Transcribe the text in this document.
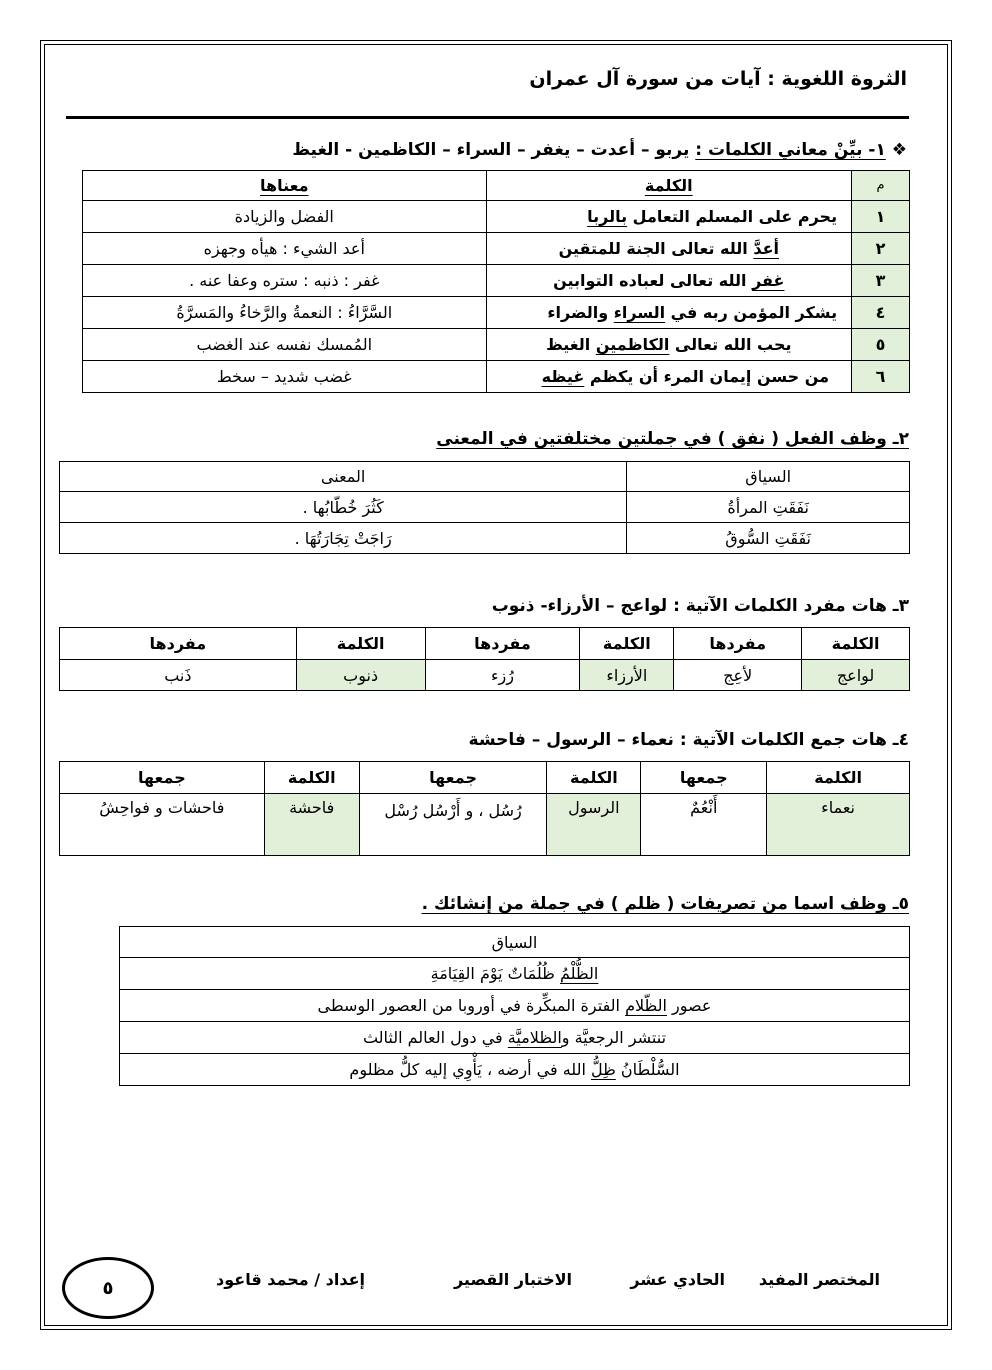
الثروة اللغوية : آيات من سورة آل عمران
❖ ١- بيِّنْ معاني الكلمات : يربو – أعدت – يغفر – السراء – الكاظمين - الغيظ
م	الكلمة	معناها
١	يحرم على المسلم التعامل بالربا	الفضل والزيادة
٢	أعدَّ الله تعالى الجنة للمتقين	أعد الشيء : هيأه وجهزه
٣	غفر الله تعالى لعباده التوابين	غفر : ذنبه : ستره وعفا عنه .
٤	يشكر المؤمن ربه في السراء والضراء	السَّرَّاءُ : النعمةُ والرَّخاءُ والمَسرَّةُ
٥	يحب الله تعالى الكاظمين الغيظ	المُمسك نفسه عند الغضب
٦	من حسن إيمان المرء أن يكظم غيظه	غضب شديد – سخط
٢ـ وظف الفعل ( نفق ) في جملتين مختلفتين في المعنى
السياق	المعنى
نَفَقَتِ المرأةُ	كَثُرَ خُطّابُها .
نَفَقَتِ السُّوقُ	رَاجَتْ تِجَارَتُهَا .
٣ـ هات مفرد الكلمات الآتية : لواعج – الأرزاء- ذنوب
الكلمة	مفردها	الكلمة	مفردها	الكلمة	مفردها
لواعج	لأعِج	الأرزاء	رُزء	ذنوب	ذَنب
٤ـ هات جمع الكلمات الآتية : نعماء – الرسول – فاحشة
الكلمة	جمعها	الكلمة	جمعها	الكلمة	جمعها
نعماء	أَنْعُمٌ	الرسول	رُسُل ، و أَرْسُل رُسْل	فاحشة	فاحشات و فواحِشُ
٥ـ وظف اسما من تصريفات ( ظلم ) في جملة من إنشائك .
السياق
الظُّلْمُ ظُلُمَاتٌ يَوْمَ القِيَامَةِ
عصور الظّلام الفترة المبكِّرة في أوروبا من العصور الوسطى
تنتشر الرجعيَّة والظلاميَّة في دول العالم الثالث
السُّلْطَانُ ظِلُّ الله في أرضه ، يَأْوِي إليه كلُّ مظلوم
المختصر المفيد
الحادي عشر
الاختبار القصير
إعداد / محمد قاعود
٥
